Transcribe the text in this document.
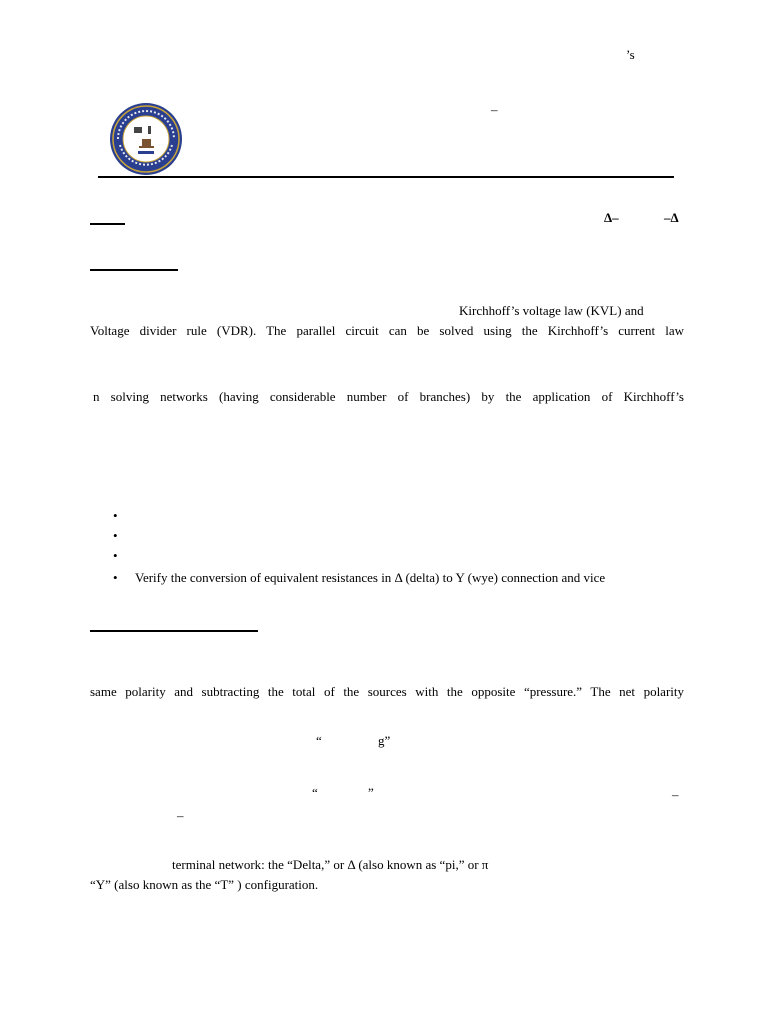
’s
–
Δ–	–Δ
Kirchhoff’s voltage law (KVL) and
Voltage divider rule (VDR). The parallel circuit can be solved using the Kirchhoff’s current law
n solving networks (having considerable number of branches) by the application of Kirchhoff’s
•
•
•
• Verify the conversion of equivalent resistances in Δ (delta) to Y (wye) connection and vice
same polarity and subtracting the total of the sources with the opposite “pressure.” The net polarity
“	g”
“	”	–
–
terminal network: the “Delta,” or Δ (also known as “pi,” or π
“Y” (also known as the “T” ) configuration.
